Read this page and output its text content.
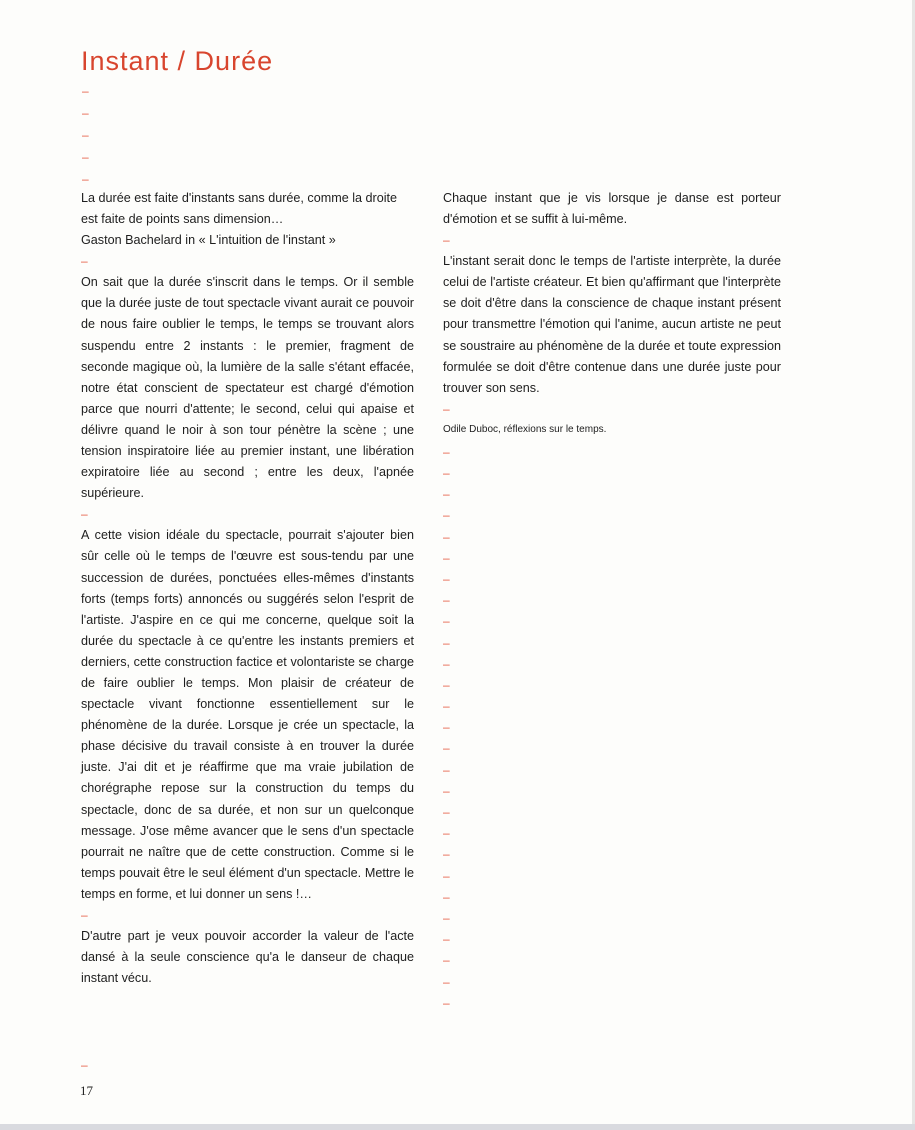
Instant / Durée
–
–
–
–
–

La durée est faite d'instants sans durée, comme la droite est faite de points sans dimension…

Gaston Bachelard in « L'intuition de l'instant »

–

On sait que la durée s'inscrit dans le temps. Or il semble que la durée juste de tout spectacle vivant aurait ce pouvoir de nous faire oublier le temps, le temps se trouvant alors suspendu entre 2 instants : le premier, fragment de seconde magique où, la lumière de la salle s'étant effacée, notre état conscient de spectateur est chargé d'émotion parce que nourri d'attente; le second, celui qui apaise et délivre quand le noir à son tour pénètre la scène ; une tension inspiratoire liée au premier instant, une libération expiratoire liée au second ; entre les deux, l'apnée supérieure.

–

A cette vision idéale du spectacle, pourrait s'ajouter bien sûr celle où le temps de l'œuvre est sous-tendu par une succession de durées, ponctuées elles-mêmes d'instants forts (temps forts) annoncés ou suggérés selon l'esprit de l'artiste. J'aspire en ce qui me concerne, quelque soit la durée du spectacle à ce qu'entre les instants premiers et derniers, cette construction factice et volontariste se charge de faire oublier le temps. Mon plaisir de créateur de spectacle vivant fonctionne essentiellement sur le phénomène de la durée. Lorsque je crée un spectacle, la phase décisive du travail consiste à en trouver la durée juste. J'ai dit et je réaffirme que ma vraie jubilation de chorégraphe repose sur la construction du temps du spectacle, donc de sa durée, et non sur un quelconque message. J'ose même avancer que le sens d'un spectacle pourrait ne naître que de cette construction. Comme si le temps pouvait être le seul élément d'un spectacle. Mettre le temps en forme, et lui donner un sens !…

–

D'autre part je veux pouvoir accorder la valeur de l'acte dansé à la seule conscience qu'a le danseur de chaque instant vécu.

Chaque instant que je vis lorsque je danse est porteur d'émotion et se suffit à lui-même.

–

L'instant serait donc le temps de l'artiste interprète, la durée celui de l'artiste créateur. Et bien qu'affirmant que l'interprète se doit d'être dans la conscience de chaque instant présent pour transmettre l'émotion qui l'anime, aucun artiste ne peut se soustraire au phénomène de la durée et toute expression formulée se doit d'être contenue dans une durée juste pour trouver son sens.

–
Odile Duboc, réflexions sur le temps.
–
–
–
–
–
–
–
–
–
–
–
–
–
–
–
–
–
–
–
–
–
–
–
–
–
–
–
–
17
